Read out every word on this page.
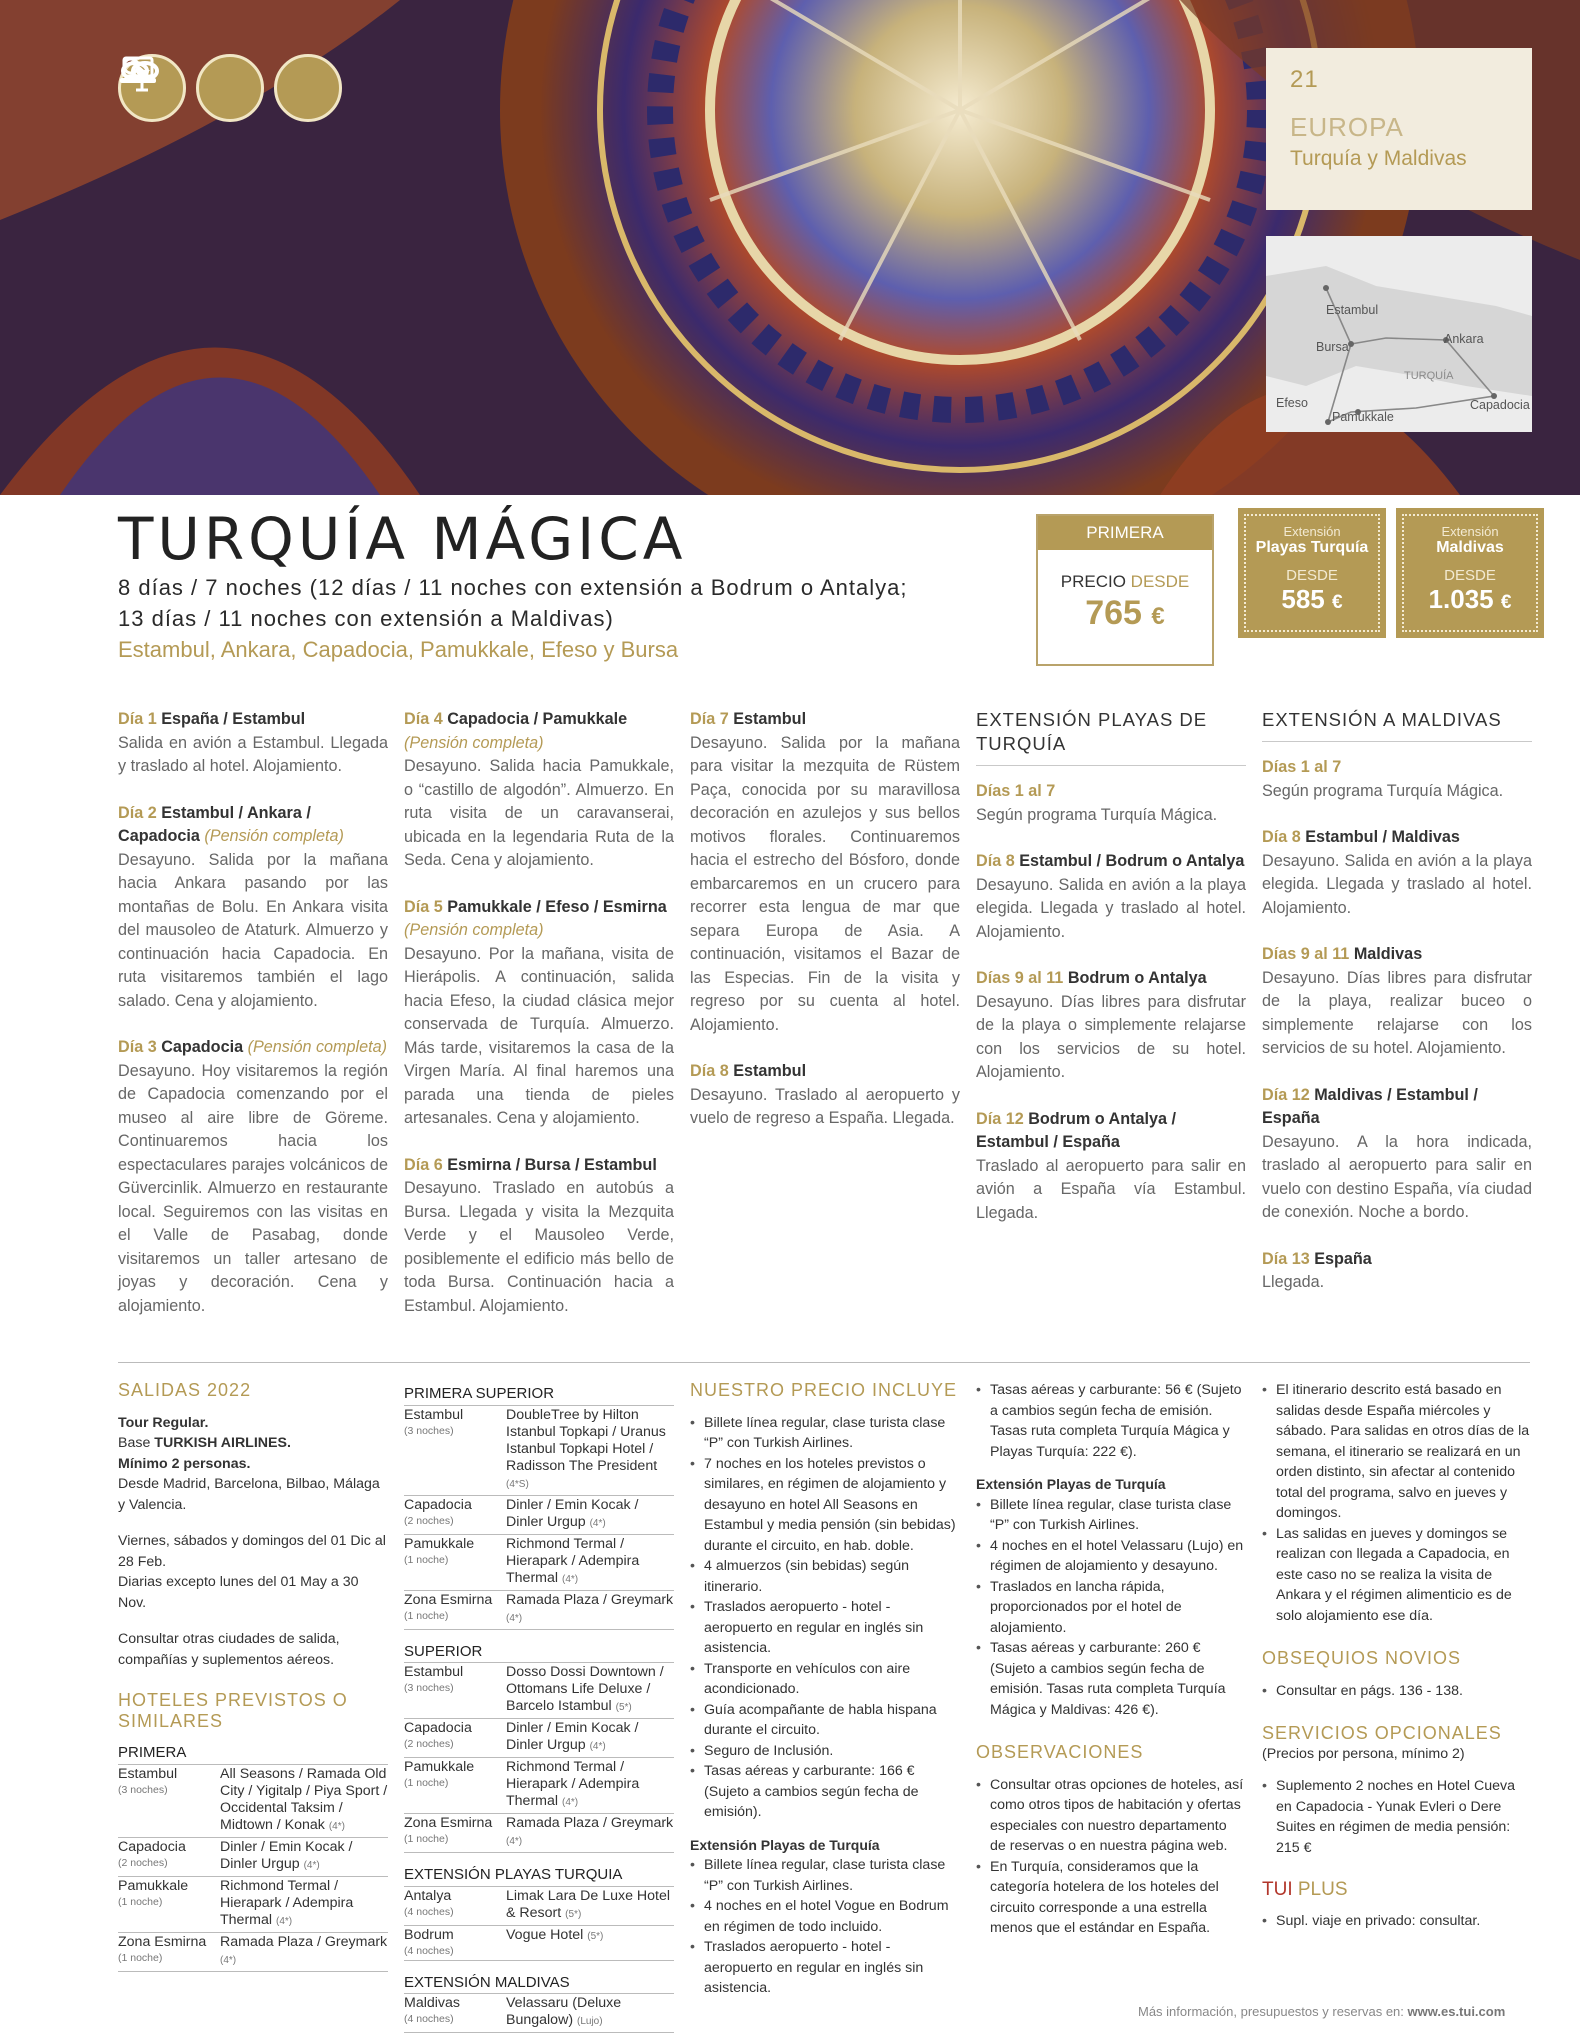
21
EUROPA
Turquía y Maldivas
Estambul
Bursa
Ankara
Efeso
Pamukkale
Capadocia
TURQUÍA
TURQUÍA MÁGICA
8 días / 7 noches (12 días / 11 noches con extensión a Bodrum o Antalya;
13 días / 11 noches con extensión a Maldivas)
Estambul, Ankara, Capadocia, Pamukkale, Efeso y Bursa
PRIMERA
PRECIO DESDE
765 €
Extensión
Playas Turquía
DESDE
585 €
Extensión
Maldivas
DESDE
1.035 €
Día 1 España / Estambul
Salida en avión a Estambul. Llegada y traslado al hotel. Alojamiento.
Día 2 Estambul / Ankara / Capadocia (Pensión completa)
Desayuno. Salida por la mañana hacia Ankara pasando por las montañas de Bolu. En Ankara visita del mausoleo de Ataturk. Almuerzo y continuación hacia Capadocia. En ruta visitaremos también el lago salado. Cena y alojamiento.
Día 3 Capadocia (Pensión completa)
Desayuno. Hoy visitaremos la región de Capadocia comenzando por el museo al aire libre de Göreme. Continuaremos hacia los espectaculares parajes volcánicos de Güvercinlik. Almuerzo en restaurante local. Seguiremos con las visitas en el Valle de Pasabag, donde visitaremos un taller artesano de joyas y decoración. Cena y alojamiento.
Día 4 Capadocia / Pamukkale (Pensión completa)
Desayuno. Salida hacia Pamukkale, o “castillo de algodón”. Almuerzo. En ruta visita de un caravanserai, ubicada en la legendaria Ruta de la Seda. Cena y alojamiento.
Día 5 Pamukkale / Efeso / Esmirna (Pensión completa)
Desayuno. Por la mañana, visita de Hierápolis. A continuación, salida hacia Efeso, la ciudad clásica mejor conservada de Turquía. Almuerzo. Más tarde, visitaremos la casa de la Virgen María. Al final haremos una parada una tienda de pieles artesanales. Cena y alojamiento.
Día 6 Esmirna / Bursa / Estambul
Desayuno. Traslado en autobús a Bursa. Llegada y visita la Mezquita Verde y el Mausoleo Verde, posiblemente el edificio más bello de toda Bursa. Continuación hacia a Estambul. Alojamiento.
Día 7 Estambul
Desayuno. Salida por la mañana para visitar la mezquita de Rüstem Paça, conocida por su maravillosa decoración en azulejos y sus bellos motivos florales. Continuaremos hacia el estrecho del Bósforo, donde embarcaremos en un crucero para recorrer esta lengua de mar que separa Europa de Asia. A continuación, visitamos el Bazar de las Especias. Fin de la visita y regreso por su cuenta al hotel. Alojamiento.
Día 8 Estambul
Desayuno. Traslado al aeropuerto y vuelo de regreso a España. Llegada.
EXTENSIÓN PLAYAS DE TURQUÍA
Días 1 al 7
Según programa Turquía Mágica.
Día 8 Estambul / Bodrum o Antalya
Desayuno. Salida en avión a la playa elegida. Llegada y traslado al hotel. Alojamiento.
Días 9 al 11 Bodrum o Antalya
Desayuno. Días libres para disfrutar de la playa o simplemente relajarse con los servicios de su hotel. Alojamiento.
Día 12 Bodrum o Antalya / Estambul / España
Traslado al aeropuerto para salir en avión a España vía Estambul. Llegada.
EXTENSIÓN A MALDIVAS
Días 1 al 7
Según programa Turquía Mágica.
Día 8 Estambul / Maldivas
Desayuno. Salida en avión a la playa elegida. Llegada y traslado al hotel. Alojamiento.
Días 9 al 11 Maldivas
Desayuno. Días libres para disfrutar de la playa, realizar buceo o simplemente relajarse con los servicios de su hotel. Alojamiento.
Día 12 Maldivas / Estambul / España
Desayuno. A la hora indicada, traslado al aeropuerto para salir en vuelo con destino España, vía ciudad de conexión. Noche a bordo.
Día 13 España
Llegada.
SALIDAS 2022
Tour Regular.
Base TURKISH AIRLINES.
Mínimo 2 personas.
Desde Madrid, Barcelona, Bilbao, Málaga y Valencia.
Viernes, sábados y domingos del 01 Dic al 28 Feb.
Diarias excepto lunes del 01 May a 30 Nov.
Consultar otras ciudades de salida, compañías y suplementos aéreos.
HOTELES PREVISTOS O SIMILARES
PRIMERA
Estambul
(3 noches)
All Seasons / Ramada Old City / Yigitalp / Piya Sport / Occidental Taksim / Midtown / Konak (4*)
Capadocia
(2 noches)
Dinler / Emin Kocak / Dinler Urgup (4*)
Pamukkale
(1 noche)
Richmond Termal / Hierapark / Adempira Thermal (4*)
Zona Esmirna
(1 noche)
Ramada Plaza / Greymark (4*)
PRIMERA SUPERIOR
Estambul
(3 noches)
DoubleTree by Hilton Istanbul Topkapi / Uranus Istanbul Topkapi Hotel / Radisson The President (4*S)
Capadocia
(2 noches)
Dinler / Emin Kocak / Dinler Urgup (4*)
Pamukkale
(1 noche)
Richmond Termal / Hierapark / Adempira Thermal (4*)
Zona Esmirna
(1 noche)
Ramada Plaza / Greymark (4*)
SUPERIOR
Estambul
(3 noches)
Dosso Dossi Downtown / Ottomans Life Deluxe / Barcelo Istambul (5*)
Capadocia
(2 noches)
Dinler / Emin Kocak / Dinler Urgup (4*)
Pamukkale
(1 noche)
Richmond Termal / Hierapark / Adempira Thermal (4*)
Zona Esmirna
(1 noche)
Ramada Plaza / Greymark (4*)
EXTENSIÓN PLAYAS TURQUIA
Antalya
(4 noches)
Limak Lara De Luxe Hotel & Resort (5*)
Bodrum
(4 noches)
Vogue Hotel (5*)
EXTENSIÓN MALDIVAS
Maldivas
(4 noches)
Velassaru (Deluxe Bungalow) (Lujo)
NUESTRO PRECIO INCLUYE
• Billete línea regular, clase turista clase “P” con Turkish Airlines.
• 7 noches en los hoteles previstos o similares, en régimen de alojamiento y desayuno en hotel All Seasons en Estambul y media pensión (sin bebidas) durante el circuito, en hab. doble.
• 4 almuerzos (sin bebidas) según itinerario.
• Traslados aeropuerto - hotel - aeropuerto en regular en inglés sin asistencia.
• Transporte en vehículos con aire acondicionado.
• Guía acompañante de habla hispana durante el circuito.
• Seguro de Inclusión.
• Tasas aéreas y carburante: 166 € (Sujeto a cambios según fecha de emisión).
Extensión Playas de Turquía
• Billete línea regular, clase turista clase “P” con Turkish Airlines.
• 4 noches en el hotel Vogue en Bodrum en régimen de todo incluido.
• Traslados aeropuerto - hotel - aeropuerto en regular en inglés sin asistencia.
• Tasas aéreas y carburante: 56 € (Sujeto a cambios según fecha de emisión. Tasas ruta completa Turquía Mágica y Playas Turquía: 222 €).
Extensión Playas de Turquía
• Billete línea regular, clase turista clase “P” con Turkish Airlines.
• 4 noches en el hotel Velassaru (Lujo) en régimen de alojamiento y desayuno.
• Traslados en lancha rápida, proporcionados por el hotel de alojamiento.
• Tasas aéreas y carburante: 260 € (Sujeto a cambios según fecha de emisión. Tasas ruta completa Turquía Mágica y Maldivas: 426 €).
OBSERVACIONES
• Consultar otras opciones de hoteles, así como otros tipos de habitación y ofertas especiales con nuestro departamento de reservas o en nuestra página web.
• En Turquía, consideramos que la categoría hotelera de los hoteles del circuito corresponde a una estrella menos que el estándar en España.
• El itinerario descrito está basado en salidas desde España miércoles y sábado. Para salidas en otros días de la semana, el itinerario se realizará en un orden distinto, sin afectar al contenido total del programa, salvo en jueves y domingos.
• Las salidas en jueves y domingos se realizan con llegada a Capadocia, en este caso no se realiza la visita de Ankara y el régimen alimenticio es de solo alojamiento ese día.
OBSEQUIOS NOVIOS
• Consultar en págs. 136 - 138.
SERVICIOS OPCIONALES
(Precios por persona, mínimo 2)
• Suplemento 2 noches en Hotel Cueva en Capadocia - Yunak Evleri o Dere Suites en régimen de media pensión: 215 €
TUI PLUS
• Supl. viaje en privado: consultar.
Más información, presupuestos y reservas en: www.es.tui.com
